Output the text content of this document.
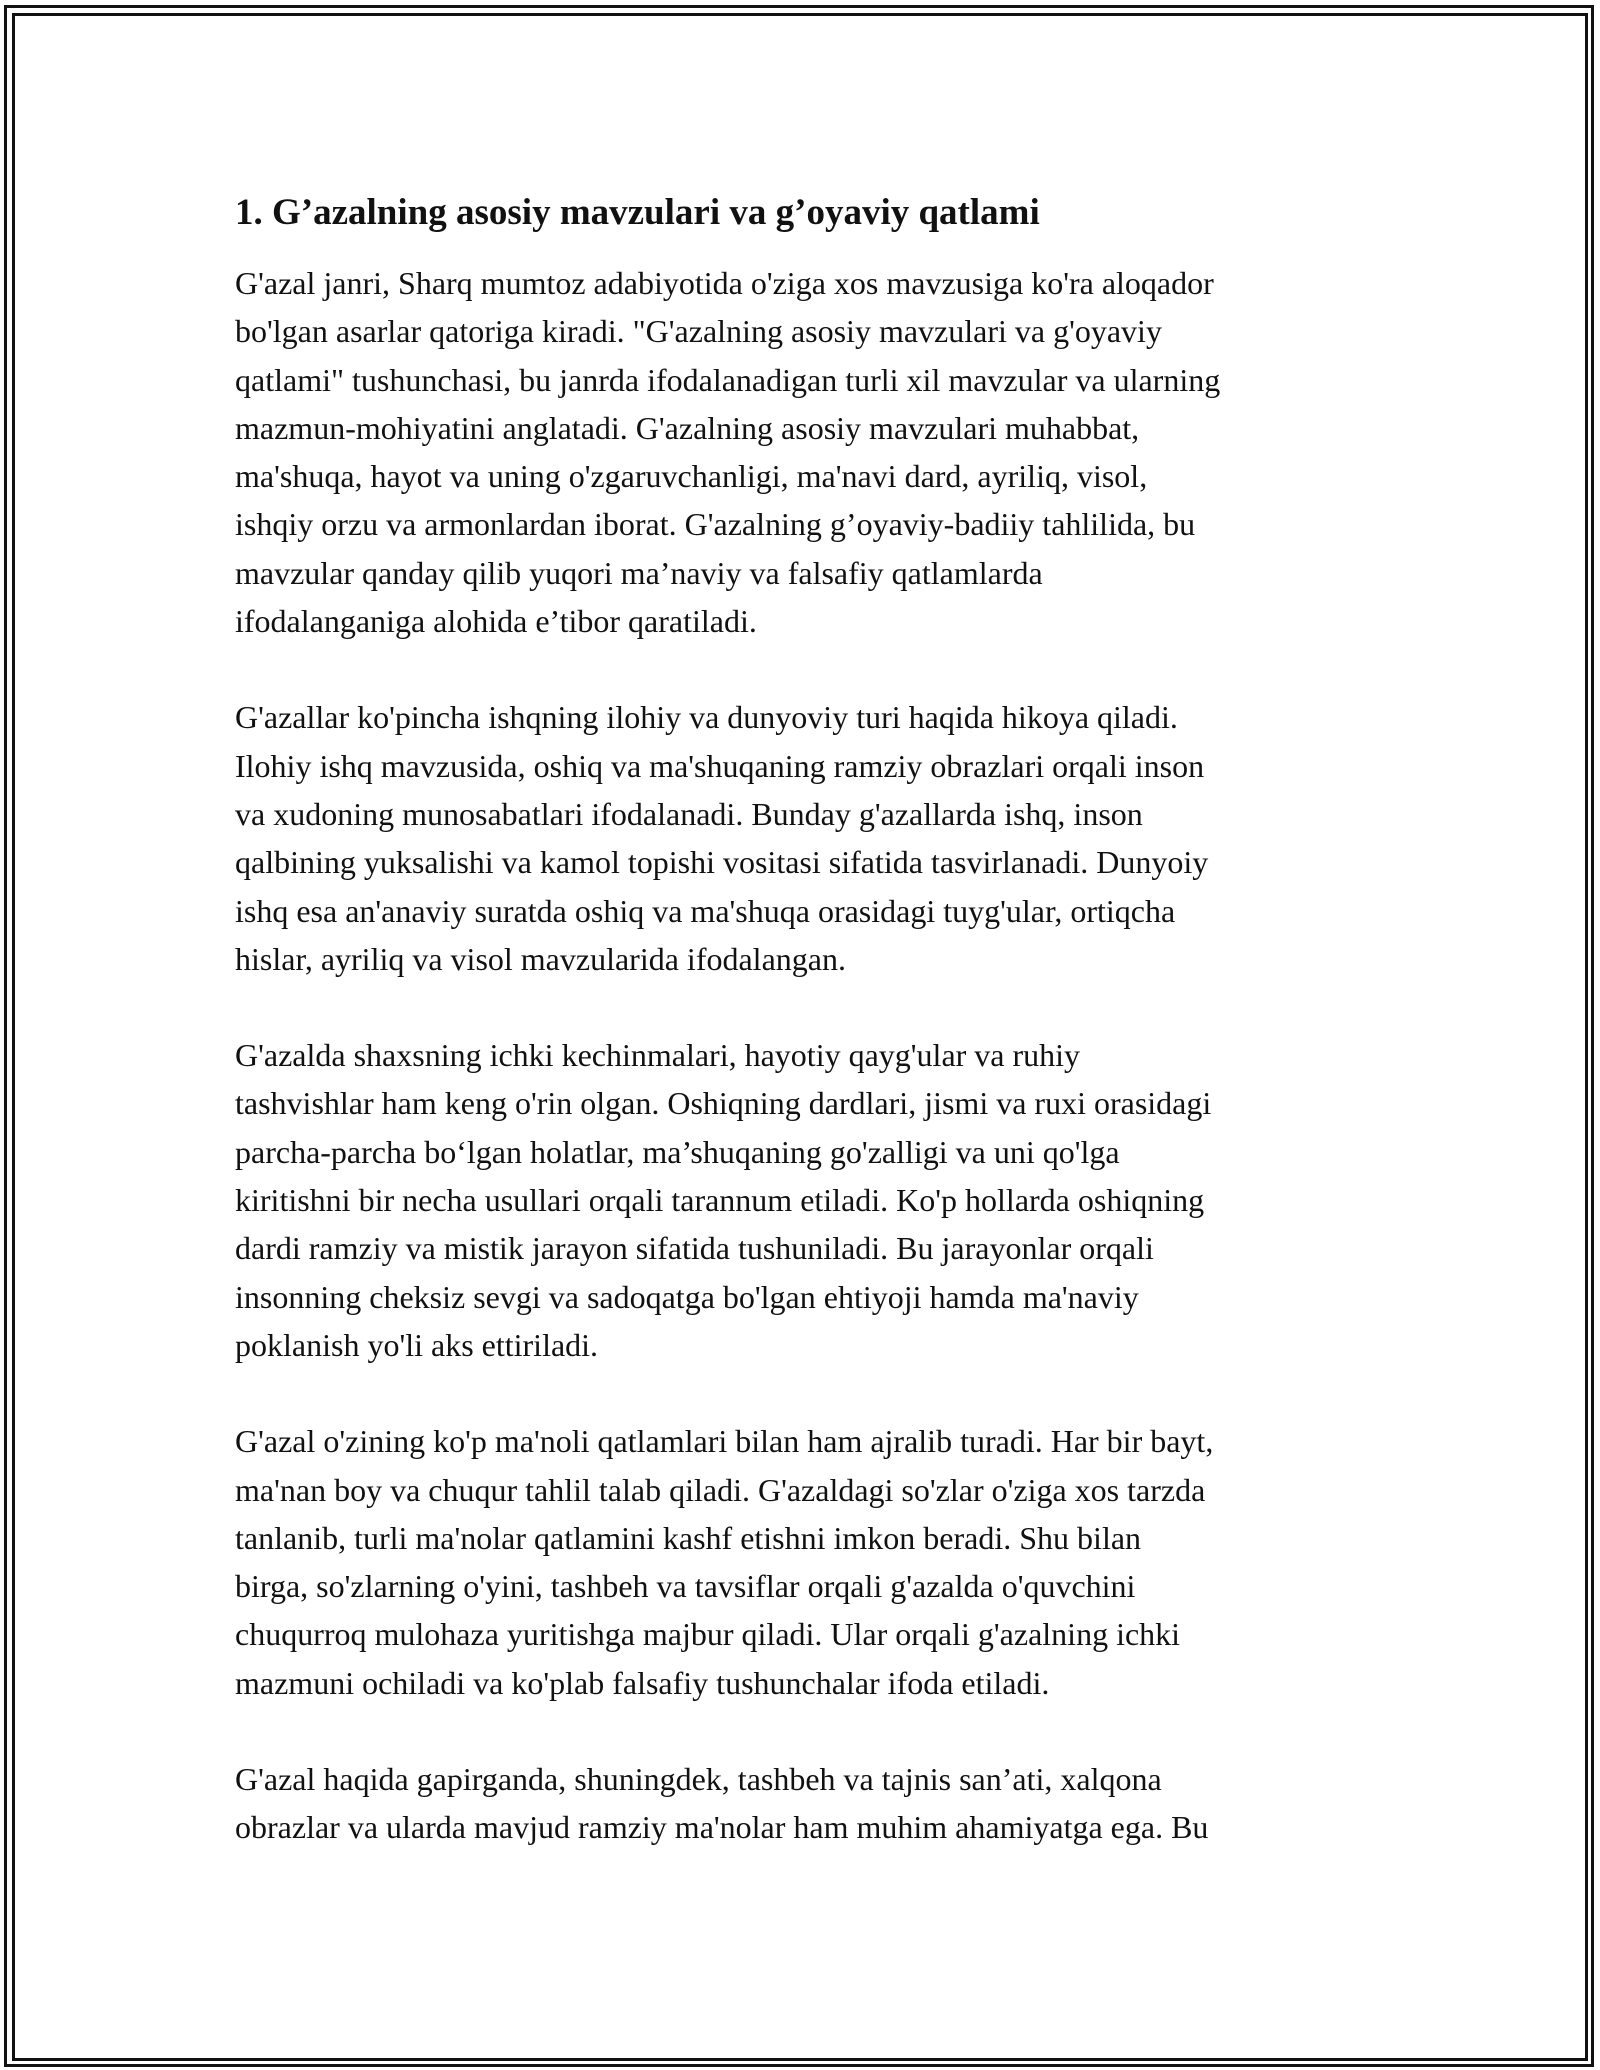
1. G’azalning asosiy mavzulari va g’oyaviy qatlami

G'azal janri, Sharq mumtoz adabiyotida o'ziga xos mavzusiga ko'ra aloqador
bo'lgan asarlar qatoriga kiradi. "G'azalning asosiy mavzulari va g'oyaviy
qatlami" tushunchasi, bu janrda ifodalanadigan turli xil mavzular va ularning
mazmun-mohiyatini anglatadi. G'azalning asosiy mavzulari muhabbat,
ma'shuqa, hayot va uning o'zgaruvchanligi, ma'navi dard, ayriliq, visol,
ishqiy orzu va armonlardan iborat. G'azalning g’oyaviy-badiiy tahlilida, bu
mavzular qanday qilib yuqori ma’naviy va falsafiy qatlamlarda
ifodalanganiga alohida e’tibor qaratiladi.

G'azallar ko'pincha ishqning ilohiy va dunyoviy turi haqida hikoya qiladi.
Ilohiy ishq mavzusida, oshiq va ma'shuqaning ramziy obrazlari orqali inson
va xudoning munosabatlari ifodalanadi. Bunday g'azallarda ishq, inson
qalbining yuksalishi va kamol topishi vositasi sifatida tasvirlanadi. Dunyoiy
ishq esa an'anaviy suratda oshiq va ma'shuqa orasidagi tuyg'ular, ortiqcha
hislar, ayriliq va visol mavzularida ifodalangan.

G'azalda shaxsning ichki kechinmalari, hayotiy qayg'ular va ruhiy
tashvishlar ham keng o'rin olgan. Oshiqning dardlari, jismi va ruxi orasidagi
parcha-parcha bo‘lgan holatlar, ma’shuqaning go'zalligi va uni qo'lga
kiritishni bir necha usullari orqali tarannum etiladi. Ko'p hollarda oshiqning
dardi ramziy va mistik jarayon sifatida tushuniladi. Bu jarayonlar orqali
insonning cheksiz sevgi va sadoqatga bo'lgan ehtiyoji hamda ma'naviy
poklanish yo'li aks ettiriladi.

G'azal o'zining ko'p ma'noli qatlamlari bilan ham ajralib turadi. Har bir bayt,
ma'nan boy va chuqur tahlil talab qiladi. G'azaldagi so'zlar o'ziga xos tarzda
tanlanib, turli ma'nolar qatlamini kashf etishni imkon beradi. Shu bilan
birga, so'zlarning o'yini, tashbeh va tavsiflar orqali g'azalda o'quvchini
chuqurroq mulohaza yuritishga majbur qiladi. Ular orqali g'azalning ichki
mazmuni ochiladi va ko'plab falsafiy tushunchalar ifoda etiladi.

G'azal haqida gapirganda, shuningdek, tashbeh va tajnis san’ati, xalqona
obrazlar va ularda mavjud ramziy ma'nolar ham muhim ahamiyatga ega. Bu
